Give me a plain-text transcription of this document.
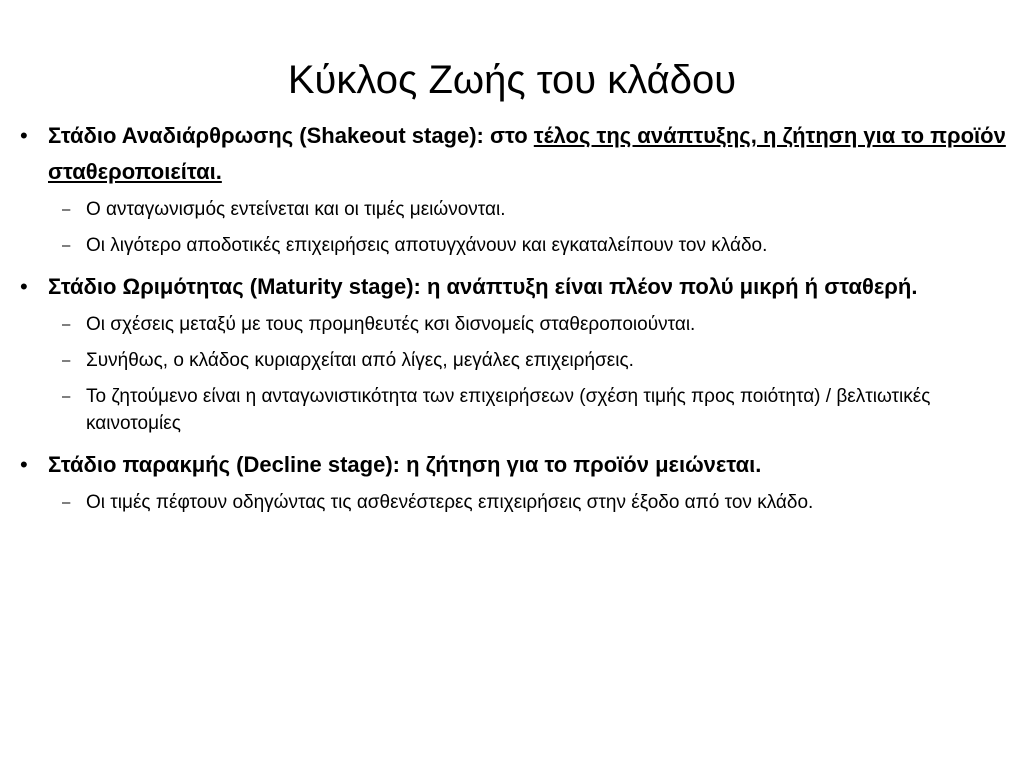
Κύκλος Ζωής του κλάδου
• Στάδιο Αναδιάρθρωσης (Shakeout stage): στο τέλος της ανάπτυξης, η ζήτηση για το προϊόν σταθεροποιείται.
– Ο ανταγωνισμός εντείνεται και οι τιμές μειώνονται.
– Οι λιγότερο αποδοτικές επιχειρήσεις αποτυγχάνουν και εγκαταλείπουν τον κλάδο.
• Στάδιο Ωριμότητας (Maturity stage): η ανάπτυξη είναι πλέον πολύ μικρή ή σταθερή.
– Οι σχέσεις μεταξύ με τους προμηθευτές κσι δισνομείς σταθεροποιούνται.
– Συνήθως, ο κλάδος κυριαρχείται από λίγες, μεγάλες επιχειρήσεις.
– Το ζητούμενο είναι η ανταγωνιστικότητα των επιχειρήσεων (σχέση τιμής προς ποιότητα) / βελτιωτικές καινοτομίες
• Στάδιο παρακμής (Decline stage): η ζήτηση για το προϊόν μειώνεται.
– Οι τιμές πέφτουν οδηγώντας τις ασθενέστερες επιχειρήσεις στην έξοδο από τον κλάδο.
